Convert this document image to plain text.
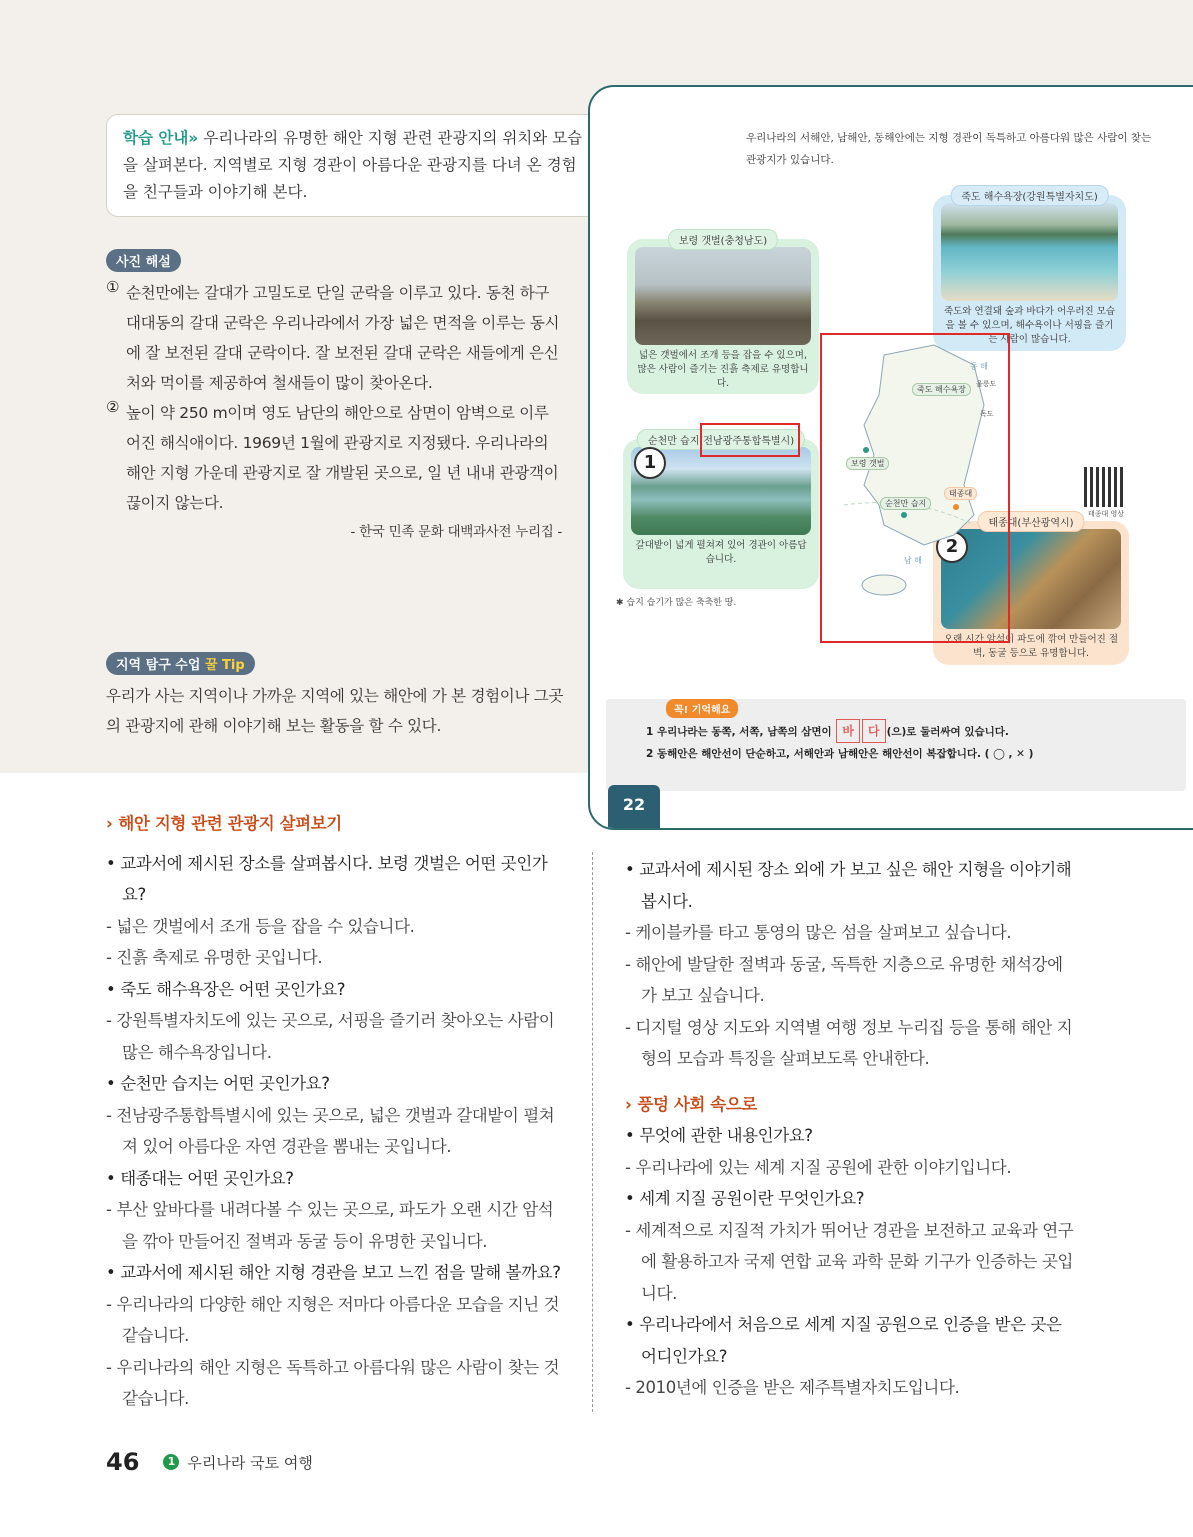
학습 안내» 우리나라의 유명한 해안 지형 관련 관광지의 위치와 모습을 살펴본다. 지역별로 지형 경관이 아름다운 관광지를 다녀 온 경험을 친구들과 이야기해 본다.
사진 해설
① 순천만에는 갈대가 고밀도로 단일 군락을 이루고 있다. 동천 하구 대대동의 갈대 군락은 우리나라에서 가장 넓은 면적을 이루는 동시에 잘 보전된 갈대 군락이다. 잘 보전된 갈대 군락은 새들에게 은신처와 먹이를 제공하여 철새들이 많이 찾아온다.

② 높이 약 250 m이며 영도 남단의 해안으로 삼면이 암벽으로 이루어진 해식애이다. 1969년 1월에 관광지로 지정됐다. 우리나라의 해안 지형 가운데 관광지로 잘 개발된 곳으로, 일 년 내내 관광객이 끊이지 않는다.

- 한국 민족 문화 대백과사전 누리집 -

지역 탐구 수업 꿀 Tip

우리가 사는 지역이나 가까운 지역에 있는 해안에 가 본 경험이나 그곳의 관광지에 관해 이야기해 보는 활동을 할 수 있다.

우리나라의 서해안, 남해안, 동해안에는 지형 경관이 독특하고 아름다워 많은 사람이 찾는 관광지가 있습니다.
보령 갯벌(충청남도)
넓은 갯벌에서 조개 등을 잡을 수 있으며, 많은 사람이 즐기는 진흙 축제로 유명합니다.
죽도 해수욕장(강원특별자치도)
죽도와 연결돼 숲과 바다가 어우러진 모습을 볼 수 있으며, 해수욕이나 서핑을 즐기는 사람이 많습니다.
순천만 습지(전남광주통합특별시)
갈대밭이 넓게 펼쳐져 있어 경관이 아름답습니다.
태종대(부산광역시)
오랜 시간 암석이 파도에 깎여 만들어진 절벽, 동굴 등으로 유명합니다.
1
2
죽도 해수욕장
보령 갯벌
순천만 습지
태종대
동 해
남 해
울릉도
독도
✱ 습지 습기가 많은 축축한 땅.
태종대 영상
꼭! 기억해요
1 우리나라는 동쪽, 서쪽, 남쪽의 삼면이 바 다 (으)로 둘러싸여 있습니다.
2 동해안은 해안선이 단순하고, 서해안과 남해안은 해안선이 복잡합니다. ( ◯ , ✕ )
22
› 해안 지형 관련 관광지 살펴보기
• 교과서에 제시된 장소를 살펴봅시다. 보령 갯벌은 어떤 곳인가요?
- 넓은 갯벌에서 조개 등을 잡을 수 있습니다.
- 진흙 축제로 유명한 곳입니다.
• 죽도 해수욕장은 어떤 곳인가요?
- 강원특별자치도에 있는 곳으로, 서핑을 즐기러 찾아오는 사람이 많은 해수욕장입니다.
• 순천만 습지는 어떤 곳인가요?
- 전남광주통합특별시에 있는 곳으로, 넓은 갯벌과 갈대밭이 펼쳐져 있어 아름다운 자연 경관을 뽐내는 곳입니다.
• 태종대는 어떤 곳인가요?
- 부산 앞바다를 내려다볼 수 있는 곳으로, 파도가 오랜 시간 암석을 깎아 만들어진 절벽과 동굴 등이 유명한 곳입니다.
• 교과서에 제시된 해안 지형 경관을 보고 느낀 점을 말해 볼까요?
- 우리나라의 다양한 해안 지형은 저마다 아름다운 모습을 지닌 것 같습니다.
- 우리나라의 해안 지형은 독특하고 아름다워 많은 사람이 찾는 것 같습니다.
• 교과서에 제시된 장소 외에 가 보고 싶은 해안 지형을 이야기해 봅시다.
- 케이블카를 타고 통영의 많은 섬을 살펴보고 싶습니다.
- 해안에 발달한 절벽과 동굴, 독특한 지층으로 유명한 채석강에 가 보고 싶습니다.
- 디지털 영상 지도와 지역별 여행 정보 누리집 등을 통해 해안 지형의 모습과 특징을 살펴보도록 안내한다.
› 풍덩 사회 속으로
• 무엇에 관한 내용인가요?
- 우리나라에 있는 세계 지질 공원에 관한 이야기입니다.
• 세계 지질 공원이란 무엇인가요?
- 세계적으로 지질적 가치가 뛰어난 경관을 보전하고 교육과 연구에 활용하고자 국제 연합 교육 과학 문화 기구가 인증하는 곳입니다.
• 우리나라에서 처음으로 세계 지질 공원으로 인증을 받은 곳은 어디인가요?
- 2010년에 인증을 받은 제주특별자치도입니다.
46	1 우리나라 국토 여행
